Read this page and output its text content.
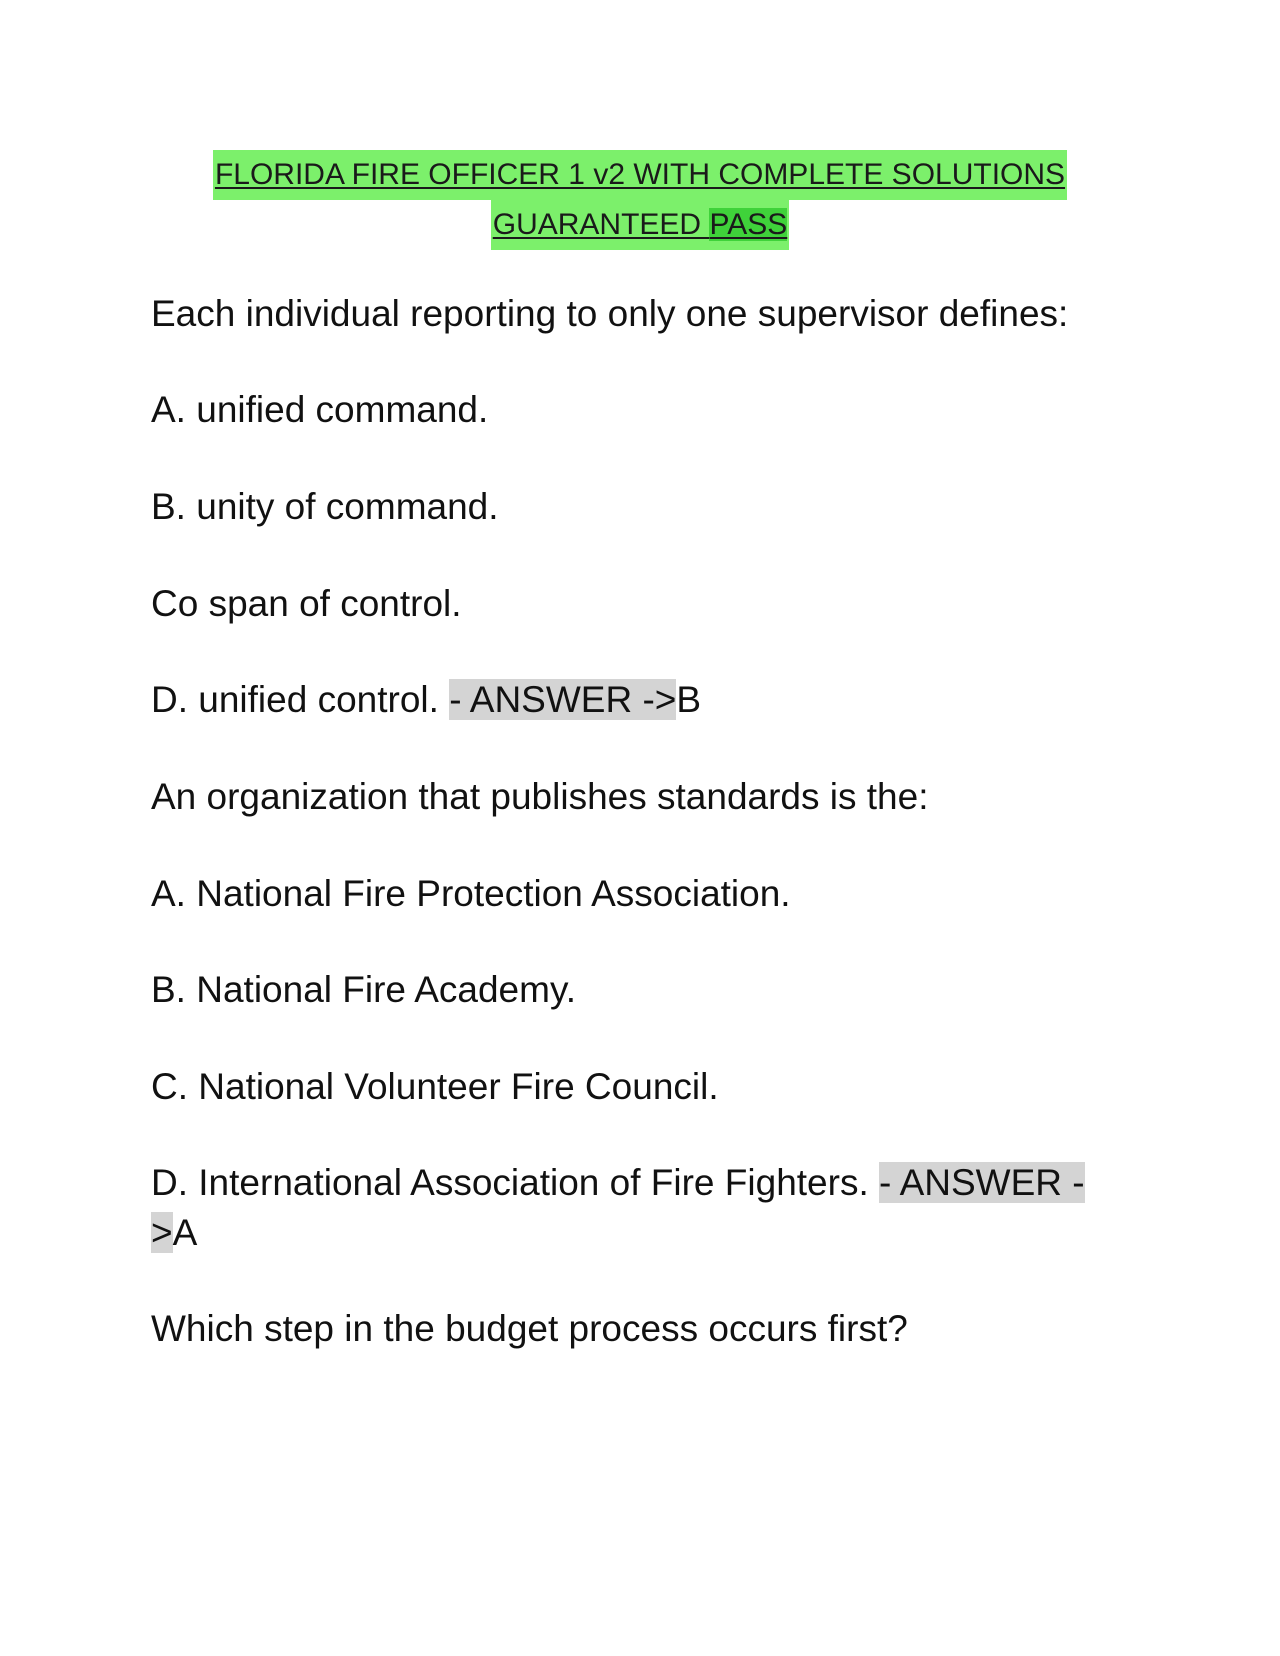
FLORIDA FIRE OFFICER 1 v2 WITH COMPLETE SOLUTIONS
GUARANTEED PASS
Each individual reporting to only one supervisor defines:
A. unified command.
B. unity of command.
Co span of control.
D. unified control. - ANSWER ->B
An organization that publishes standards is the:
A. National Fire Protection Association.
B. National Fire Academy.
C. National Volunteer Fire Council.
D. International Association of Fire Fighters. - ANSWER -
>A
Which step in the budget process occurs first?
